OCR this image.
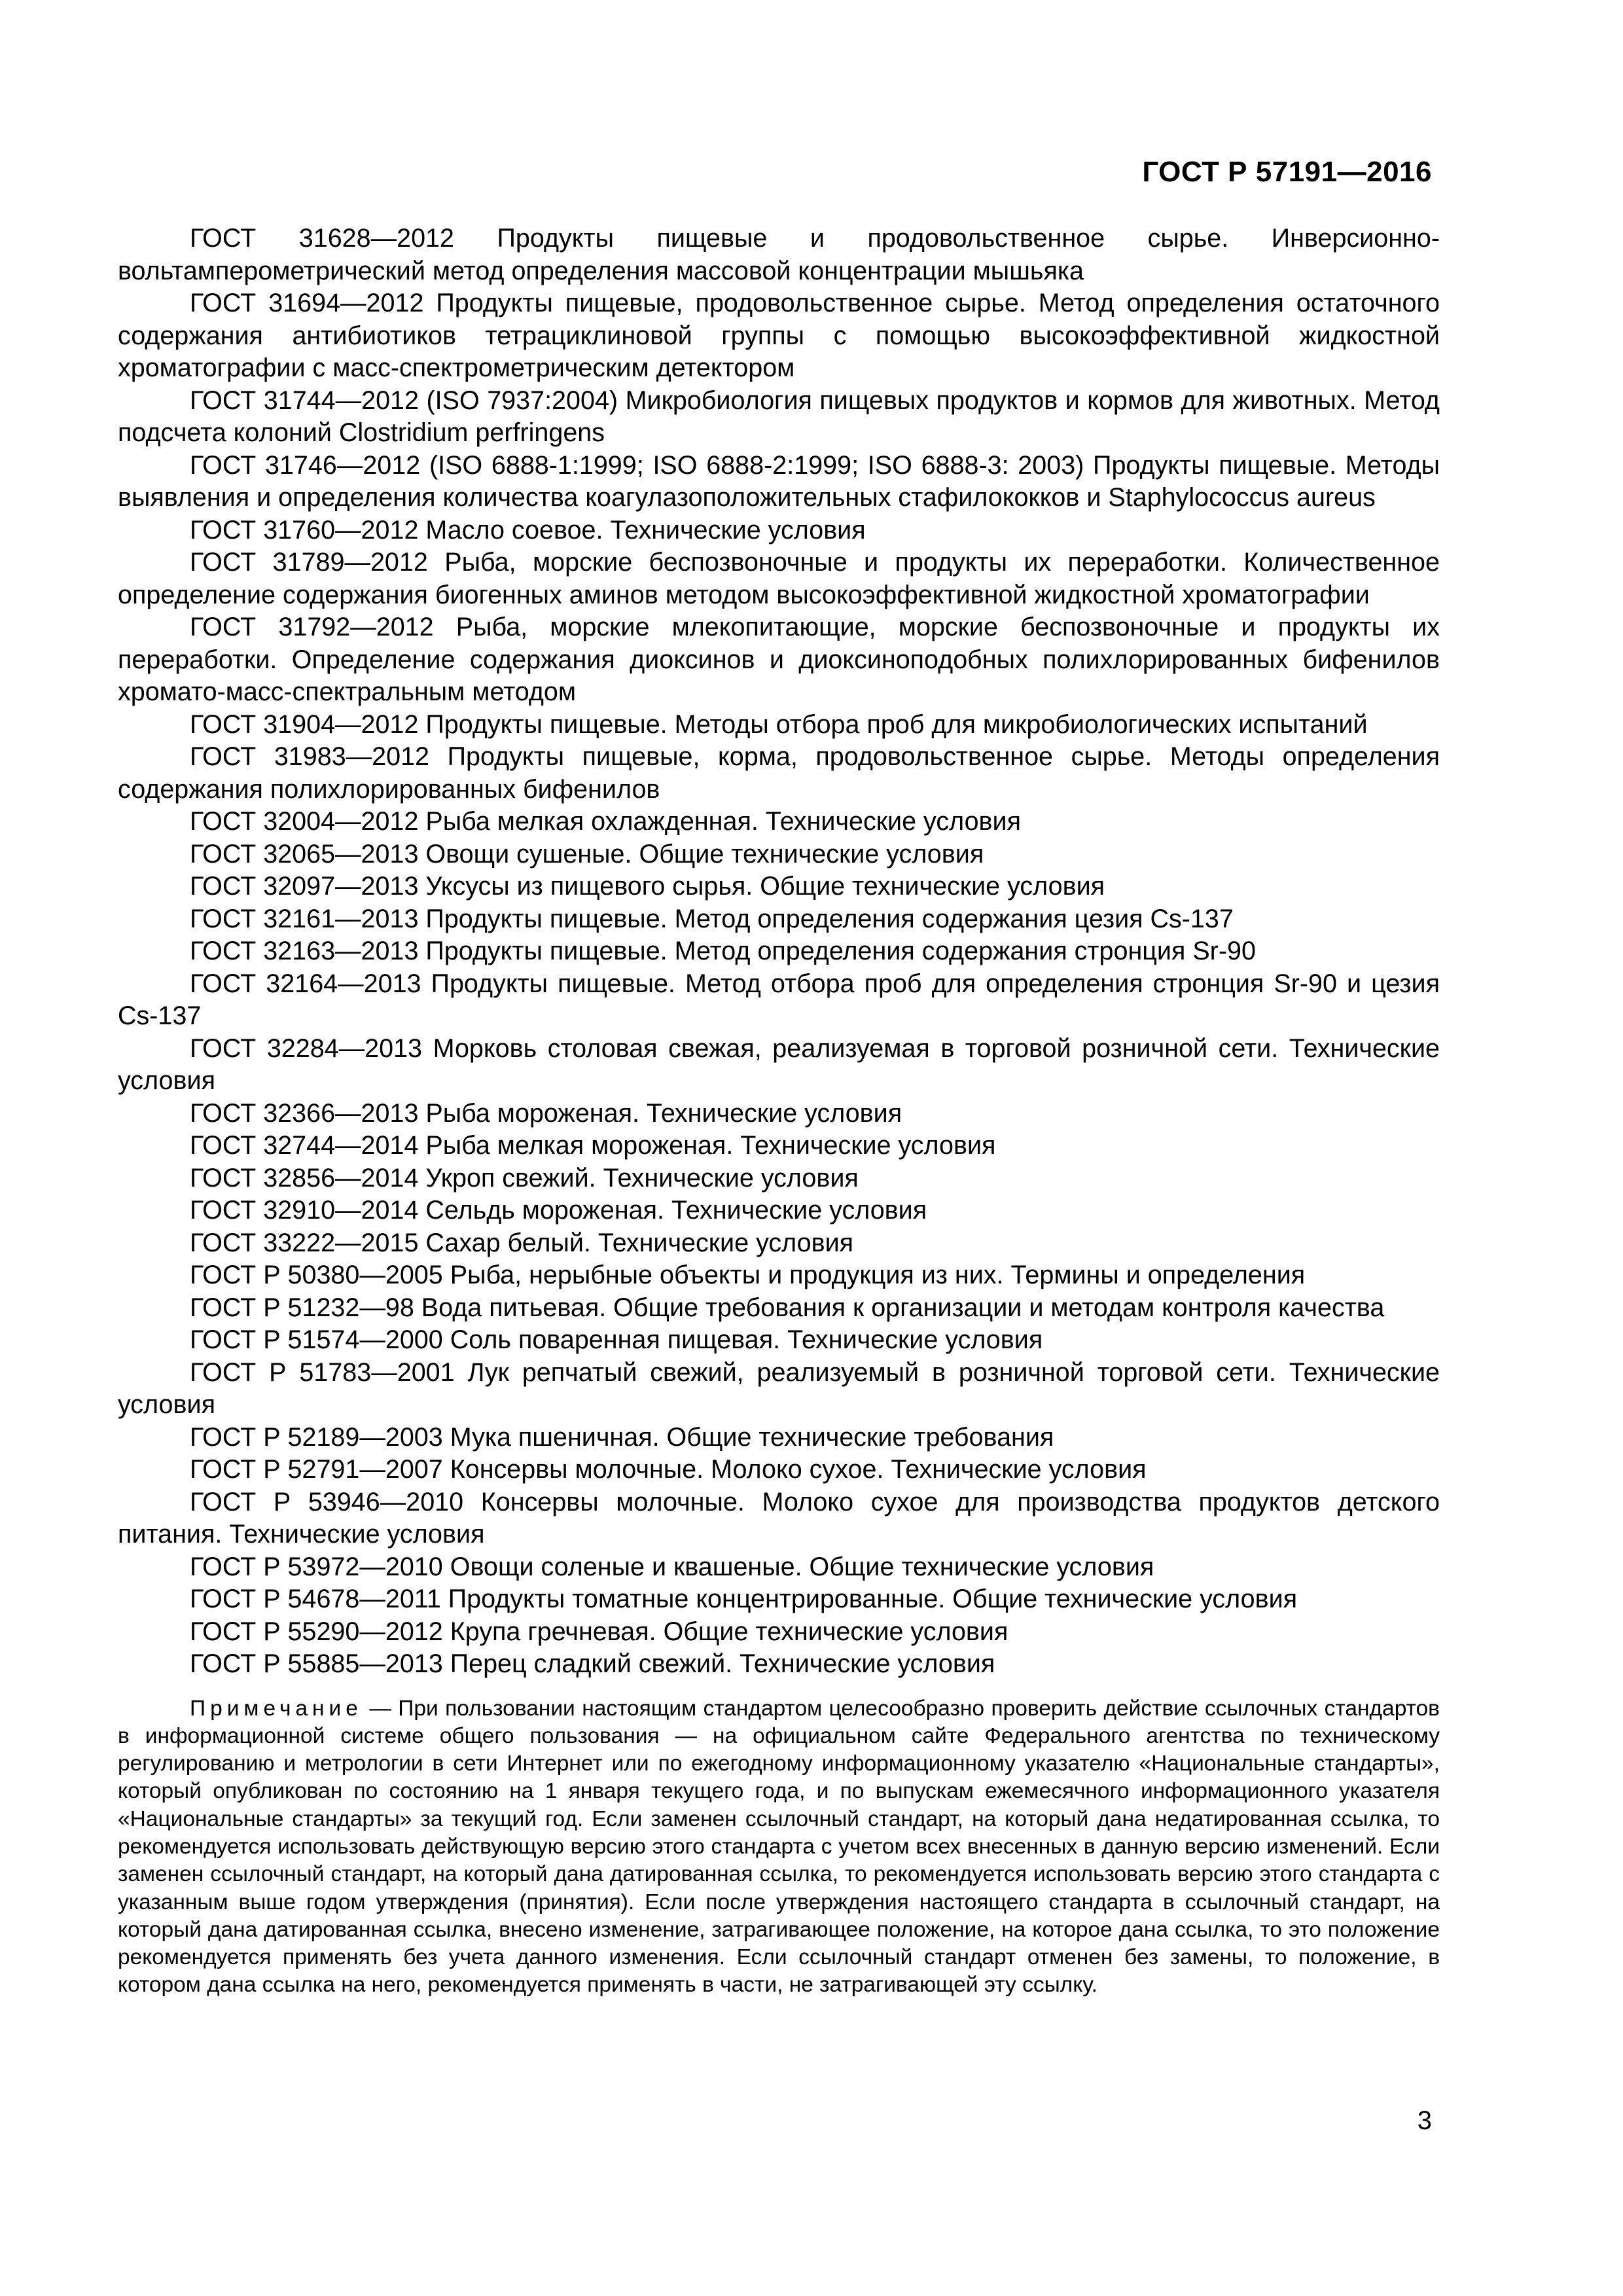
ГОСТ Р 57191—2016

ГОСТ 31628—2012 Продукты пищевые и продовольственное сырье. Инверсионно-вольтамперометрический метод определения массовой концентрации мышьяка

ГОСТ 31694—2012 Продукты пищевые, продовольственное сырье. Метод определения остаточного содержания антибиотиков тетрациклиновой группы с помощью высокоэффективной жидкостной хроматографии с масс-спектрометрическим детектором

ГОСТ 31744—2012 (ISO 7937:2004) Микробиология пищевых продуктов и кормов для животных. Метод подсчета колоний Clostridium perfringens

ГОСТ 31746—2012 (ISO 6888-1:1999; ISO 6888-2:1999; ISO 6888-3: 2003) Продукты пищевые. Методы выявления и определения количества коагулазоположительных стафилококков и Staphylococcus aureus

ГОСТ 31760—2012 Масло соевое. Технические условия

ГОСТ 31789—2012 Рыба, морские беспозвоночные и продукты их переработки. Количественное определение содержания биогенных аминов методом высокоэффективной жидкостной хроматографии

ГОСТ 31792—2012 Рыба, морские млекопитающие, морские беспозвоночные и продукты их переработки. Определение содержания диоксинов и диоксиноподобных полихлорированных бифенилов хромато-масс-спектральным методом

ГОСТ 31904—2012 Продукты пищевые. Методы отбора проб для микробиологических испытаний

ГОСТ 31983—2012 Продукты пищевые, корма, продовольственное сырье. Методы определения содержания полихлорированных бифенилов

ГОСТ 32004—2012 Рыба мелкая охлажденная. Технические условия

ГОСТ 32065—2013 Овощи сушеные. Общие технические условия

ГОСТ 32097—2013 Уксусы из пищевого сырья. Общие технические условия

ГОСТ 32161—2013 Продукты пищевые. Метод определения содержания цезия Cs-137

ГОСТ 32163—2013 Продукты пищевые. Метод определения содержания стронция Sr-90

ГОСТ 32164—2013 Продукты пищевые. Метод отбора проб для определения стронция Sr-90 и цезия Cs-137

ГОСТ 32284—2013 Морковь столовая свежая, реализуемая в торговой розничной сети. Технические условия

ГОСТ 32366—2013 Рыба мороженая. Технические условия

ГОСТ 32744—2014 Рыба мелкая мороженая. Технические условия

ГОСТ 32856—2014 Укроп свежий. Технические условия

ГОСТ 32910—2014 Сельдь мороженая. Технические условия

ГОСТ 33222—2015 Сахар белый. Технические условия

ГОСТ Р 50380—2005 Рыба, нерыбные объекты и продукция из них. Термины и определения

ГОСТ Р 51232—98 Вода питьевая. Общие требования к организации и методам контроля качества

ГОСТ Р 51574—2000 Соль поваренная пищевая. Технические условия

ГОСТ Р 51783—2001 Лук репчатый свежий, реализуемый в розничной торговой сети. Технические условия

ГОСТ Р 52189—2003 Мука пшеничная. Общие технические требования

ГОСТ Р 52791—2007 Консервы молочные. Молоко сухое. Технические условия

ГОСТ Р 53946—2010 Консервы молочные. Молоко сухое для производства продуктов детского питания. Технические условия

ГОСТ Р 53972—2010 Овощи соленые и квашеные. Общие технические условия

ГОСТ Р 54678—2011 Продукты томатные концентрированные. Общие технические условия

ГОСТ Р 55290—2012 Крупа гречневая. Общие технические условия

ГОСТ Р 55885—2013 Перец сладкий свежий. Технические условия

Примечание — При пользовании настоящим стандартом целесообразно проверить действие ссылочных стандартов в информационной системе общего пользования — на официальном сайте Федерального агентства по техническому регулированию и метрологии в сети Интернет или по ежегодному информационному указателю «Национальные стандарты», который опубликован по состоянию на 1 января текущего года, и по выпускам ежемесячного информационного указателя «Национальные стандарты» за текущий год. Если заменен ссылочный стандарт, на который дана недатированная ссылка, то рекомендуется использовать действующую версию этого стандарта с учетом всех внесенных в данную версию изменений. Если заменен ссылочный стандарт, на который дана датированная ссылка, то рекомендуется использовать версию этого стандарта с указанным выше годом утверждения (принятия). Если после утверждения настоящего стандарта в ссылочный стандарт, на который дана датированная ссылка, внесено изменение, затрагивающее положение, на которое дана ссылка, то это положение рекомендуется применять без учета данного изменения. Если ссылочный стандарт отменен без замены, то положение, в котором дана ссылка на него, рекомендуется применять в части, не затрагивающей эту ссылку.

3
